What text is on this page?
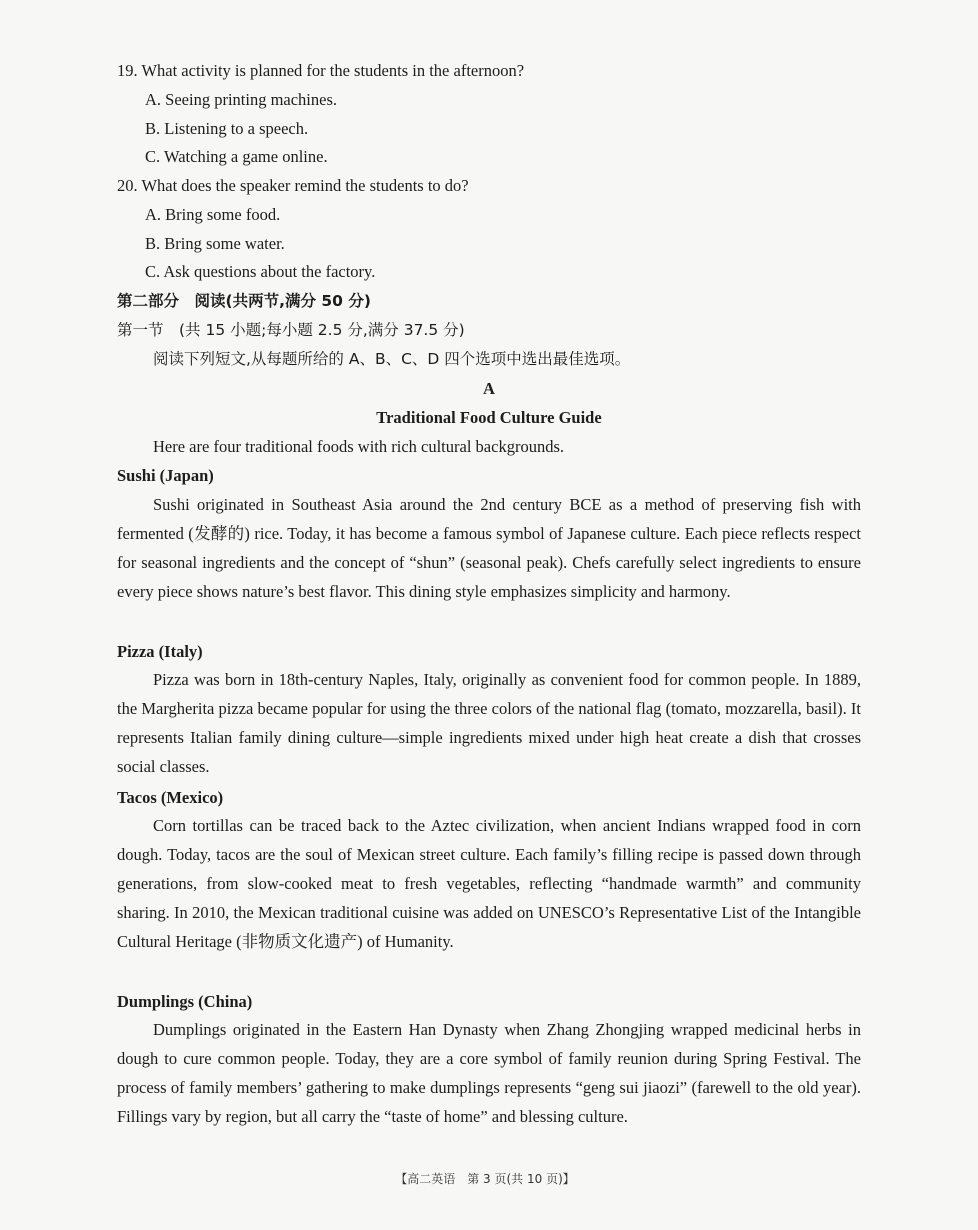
19. What activity is planned for the students in the afternoon?
A. Seeing printing machines.
B. Listening to a speech.
C. Watching a game online.
20. What does the speaker remind the students to do?
A. Bring some food.
B. Bring some water.
C. Ask questions about the factory.
第二部分　阅读(共两节,满分 50 分)
第一节　(共 15 小题;每小题 2.5 分,满分 37.5 分)
阅读下列短文,从每题所给的 A、B、C、D 四个选项中选出最佳选项。
A
Traditional Food Culture Guide
Here are four traditional foods with rich cultural backgrounds.
Sushi (Japan)
Sushi originated in Southeast Asia around the 2nd century BCE as a method of preserving fish with fermented (发酵的) rice. Today, it has become a famous symbol of Japanese culture. Each piece reflects respect for seasonal ingredients and the concept of “shun” (seasonal peak). Chefs carefully select ingredients to ensure every piece shows nature’s best flavor. This dining style emphasizes simplicity and harmony.
Pizza (Italy)
Pizza was born in 18th-century Naples, Italy, originally as convenient food for common people. In 1889, the Margherita pizza became popular for using the three colors of the national flag (tomato, mozzarella, basil). It represents Italian family dining culture—simple ingredients mixed under high heat create a dish that crosses social classes.
Tacos (Mexico)
Corn tortillas can be traced back to the Aztec civilization, when ancient Indians wrapped food in corn dough. Today, tacos are the soul of Mexican street culture. Each family’s filling recipe is passed down through generations, from slow-cooked meat to fresh vegetables, reflecting “handmade warmth” and community sharing. In 2010, the Mexican traditional cuisine was added on UNESCO’s Representative List of the Intangible Cultural Heritage (非物质文化遗产) of Humanity.
Dumplings (China)
Dumplings originated in the Eastern Han Dynasty when Zhang Zhongjing wrapped medicinal herbs in dough to cure common people. Today, they are a core symbol of family reunion during Spring Festival. The process of family members’ gathering to make dumplings represents “geng sui jiaozi” (farewell to the old year). Fillings vary by region, but all carry the “taste of home” and blessing culture.
【高二英语　第 3 页(共 10 页)】
